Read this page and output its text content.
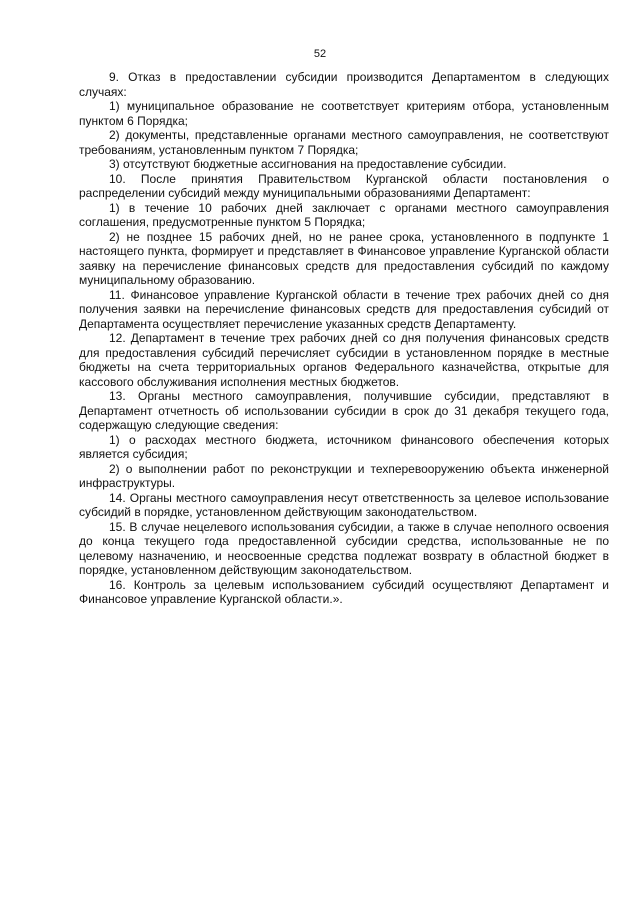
52

9. Отказ в предоставлении субсидии производится Департаментом в следующих случаях:

1) муниципальное образование не соответствует критериям отбора, установленным пунктом 6 Порядка;

2) документы, представленные органами местного самоуправления, не соответствуют требованиям, установленным пунктом 7 Порядка;

3) отсутствуют бюджетные ассигнования на предоставление субсидии.

10. После принятия Правительством Курганской области постановления о распределении субсидий между муниципальными образованиями Департамент:

1) в течение 10 рабочих дней заключает с органами местного самоуправления соглашения, предусмотренные пунктом 5 Порядка;

2) не позднее 15 рабочих дней, но не ранее срока, установленного в подпункте 1 настоящего пункта, формирует и представляет в Финансовое управление Курганской области заявку на перечисление финансовых средств для предоставления субсидий по каждому муниципальному образованию.

11. Финансовое управление Курганской области в течение трех рабочих дней со дня получения заявки на перечисление финансовых средств для предоставления субсидий от Департамента осуществляет перечисление указанных средств Департаменту.

12. Департамент в течение трех рабочих дней со дня получения финансовых средств для предоставления субсидий перечисляет субсидии в установленном порядке в местные бюджеты на счета территориальных органов Федерального казначейства, открытые для кассового обслуживания исполнения местных бюджетов.

13. Органы местного самоуправления, получившие субсидии, представляют в Департамент отчетность об использовании субсидии в срок до 31 декабря текущего года, содержащую следующие сведения:

1) о расходах местного бюджета, источником финансового обеспечения которых является субсидия;

2) о выполнении работ по реконструкции и техперевооружению объекта инженерной инфраструктуры.

14. Органы местного самоуправления несут ответственность за целевое использование субсидий в порядке, установленном действующим законодательством.

15. В случае нецелевого использования субсидии, а также в случае неполного освоения до конца текущего года предоставленной субсидии средства, использованные не по целевому назначению, и неосвоенные средства подлежат возврату в областной бюджет в порядке, установленном действующим законодательством.

16. Контроль за целевым использованием субсидий осуществляют Департамент и Финансовое управление Курганской области.».
